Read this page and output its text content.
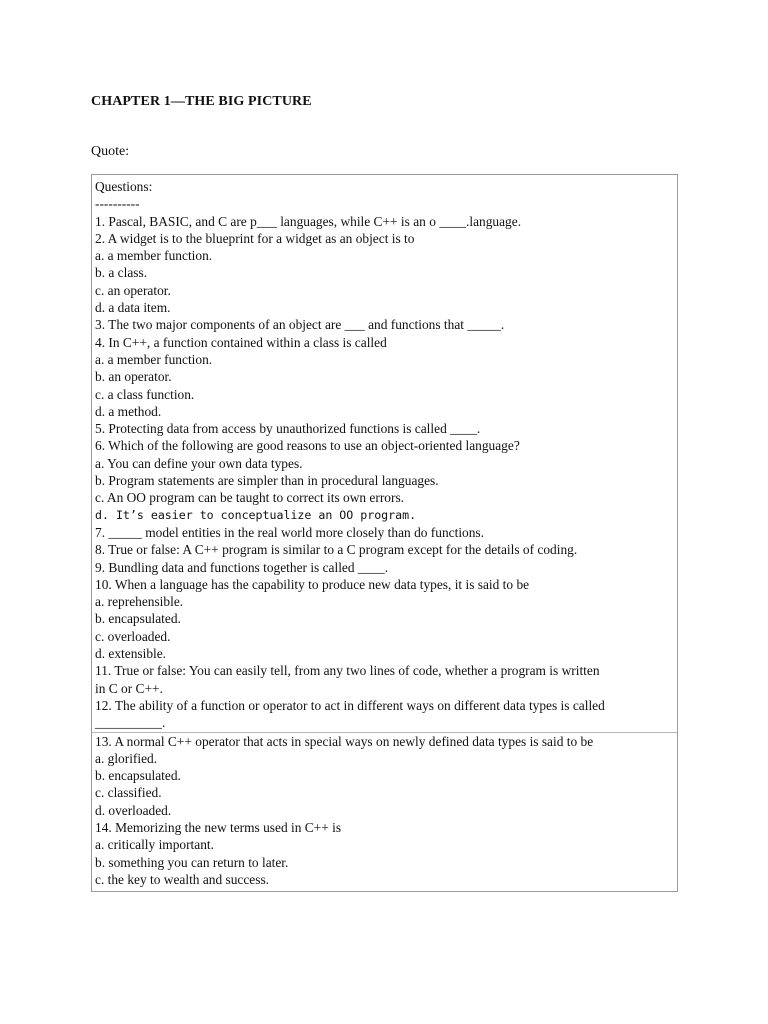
CHAPTER 1—THE BIG PICTURE

Quote:

Questions:
----------
1. Pascal, BASIC, and C are p___ languages, while C++ is an o ____.language.
2. A widget is to the blueprint for a widget as an object is to
a. a member function.
b. a class.
c. an operator.
d. a data item.
3. The two major components of an object are ___ and functions that _____.
4. In C++, a function contained within a class is called
a. a member function.
b. an operator.
c. a class function.
d. a method.
5. Protecting data from access by unauthorized functions is called ____.
6. Which of the following are good reasons to use an object-oriented language?
a. You can define your own data types.
b. Program statements are simpler than in procedural languages.
c. An OO program can be taught to correct its own errors.
d. It’s easier to conceptualize an OO program.
7. _____ model entities in the real world more closely than do functions.
8. True or false: A C++ program is similar to a C program except for the details of coding.
9. Bundling data and functions together is called ____.
10. When a language has the capability to produce new data types, it is said to be
a. reprehensible.
b. encapsulated.
c. overloaded.
d. extensible.
11. True or false: You can easily tell, from any two lines of code, whether a program is written
in C or C++.
12. The ability of a function or operator to act in different ways on different data types is called
__________.
13. A normal C++ operator that acts in special ways on newly defined data types is said to be
a. glorified.
b. encapsulated.
c. classified.
d. overloaded.
14. Memorizing the new terms used in C++ is
a. critically important.
b. something you can return to later.
c. the key to wealth and success.
